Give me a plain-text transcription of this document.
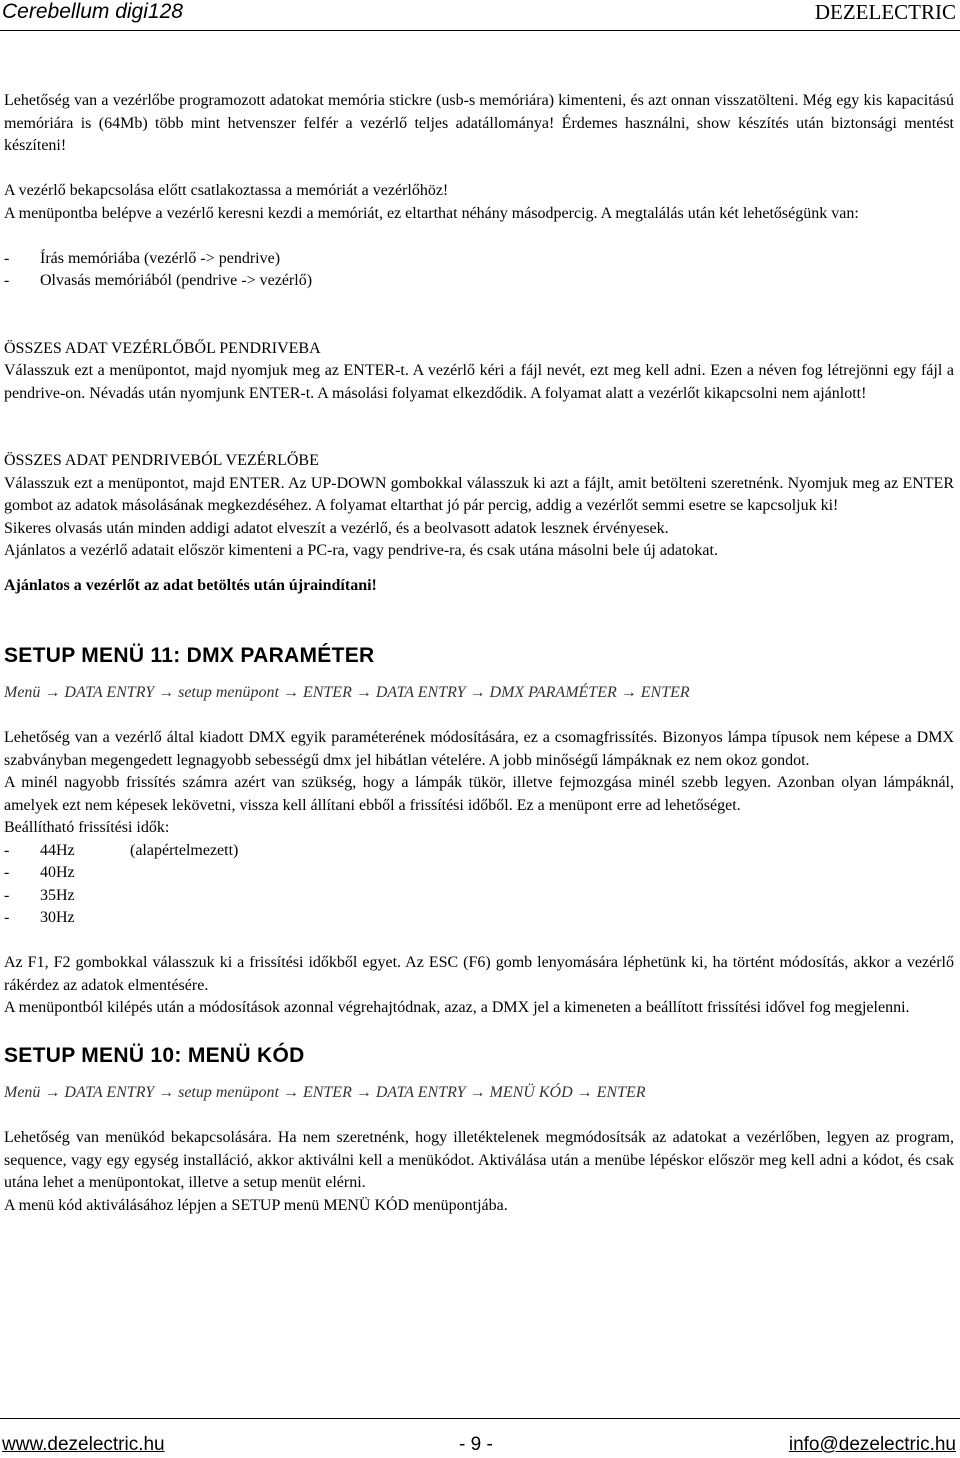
Cerebellum digi128	DEZELECTRIC

Lehetőség van a vezérlőbe programozott adatokat memória stickre (usb-s memóriára) kimenteni, és azt onnan visszatölteni. Még egy kis kapacitású memóriára is (64Mb) több mint hetvenszer felfér a vezérlő teljes adatállománya! Érdemes használni, show készítés után biztonsági mentést készíteni!

A vezérlő bekapcsolása előtt csatlakoztassa a memóriát a vezérlőhöz!

A menüpontba belépve a vezérlő keresni kezdi a memóriát, ez eltarthat néhány másodpercig. A megtalálás után két lehetőségünk van:

-	Írás memóriába (vezérlő -> pendrive)
-	Olvasás memóriából (pendrive -> vezérlő)

ÖSSZES ADAT VEZÉRLŐBŐL PENDRIVEBA

Válasszuk ezt a menüpontot, majd nyomjuk meg az ENTER-t. A vezérlő kéri a fájl nevét, ezt meg kell adni. Ezen a néven fog létrejönni egy fájl a pendrive-on. Névadás után nyomjunk ENTER-t. A másolási folyamat elkezdődik. A folyamat alatt a vezérlőt kikapcsolni nem ajánlott!

ÖSSZES ADAT PENDRIVEBÓL VEZÉRLŐBE

Válasszuk ezt a menüpontot, majd ENTER. Az UP-DOWN gombokkal válasszuk ki azt a fájlt, amit betölteni szeretnénk. Nyomjuk meg az ENTER gombot az adatok másolásának megkezdéséhez. A folyamat eltarthat jó pár percig, addig a vezérlőt semmi esetre se kapcsoljuk ki!

Sikeres olvasás után minden addigi adatot elveszít a vezérlő, és a beolvasott adatok lesznek érvényesek.

Ajánlatos a vezérlő adatait először kimenteni a PC-ra, vagy pendrive-ra, és csak utána másolni bele új adatokat.

Ajánlatos a vezérlőt az adat betöltés után újraindítani!

SETUP MENÜ 11: DMX PARAMÉTER

Menü → DATA ENTRY → setup menüpont → ENTER → DATA ENTRY → DMX PARAMÉTER → ENTER

Lehetőség van a vezérlő által kiadott DMX egyik paraméterének módosítására, ez a csomagfrissítés. Bizonyos lámpa típusok nem képese a DMX szabványban megengedett legnagyobb sebességű dmx jel hibátlan vételére. A jobb minőségű lámpáknak ez nem okoz gondot.

A minél nagyobb frissítés számra azért van szükség, hogy a lámpák tükör, illetve fejmozgása minél szebb legyen. Azonban olyan lámpáknál, amelyek ezt nem képesek lekövetni, vissza kell állítani ebből a frissítési időből. Ez a menüpont erre ad lehetőséget.

Beállítható frissítési idők:

-	44Hz	(alapértelmezett)
-	40Hz
-	35Hz
-	30Hz

Az F1, F2 gombokkal válasszuk ki a frissítési időkből egyet. Az ESC (F6) gomb lenyomására léphetünk ki, ha történt módosítás, akkor a vezérlő rákérdez az adatok elmentésére.

A menüpontból kilépés után a módosítások azonnal végrehajtódnak, azaz, a DMX jel a kimeneten a beállított frissítési idővel fog megjelenni.

SETUP MENÜ 10: MENÜ KÓD

Menü → DATA ENTRY → setup menüpont → ENTER → DATA ENTRY → MENÜ KÓD → ENTER

Lehetőség van menükód bekapcsolására. Ha nem szeretnénk, hogy illetéktelenek megmódosítsák az adatokat a vezérlőben, legyen az program, sequence, vagy egy egység installáció, akkor aktiválni kell a menükódot. Aktiválása után a menübe lépéskor először meg kell adni a kódot, és csak utána lehet a menüpontokat, illetve a setup menüt elérni.

A menü kód aktiválásához lépjen a SETUP menü MENÜ KÓD menüpontjába.

www.dezelectric.hu	- 9 -	info@dezelectric.hu
